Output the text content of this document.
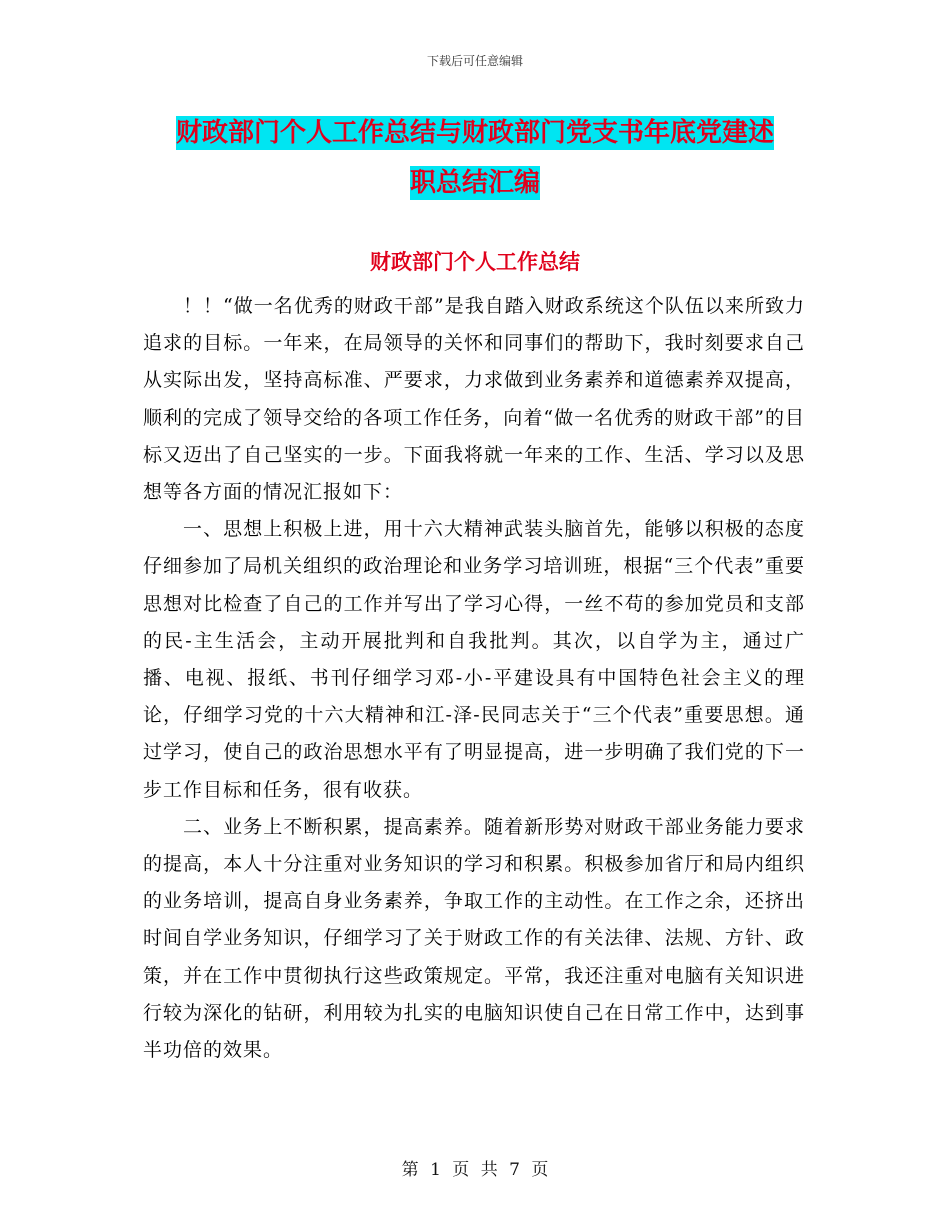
下载后可任意编辑
财政部门个人工作总结与财政部门党支书年底党建述
职总结汇编
财政部门个人工作总结

！！“做一名优秀的财政干部”是我自踏入财政系统这个队伍以来所致力追求的目标。一年来，在局领导的关怀和同事们的帮助下，我时刻要求自己从实际出发，坚持高标准、严要求，力求做到业务素养和道德素养双提高，顺利的完成了领导交给的各项工作任务，向着“做一名优秀的财政干部”的目标又迈出了自己坚实的一步。下面我将就一年来的工作、生活、学习以及思想等各方面的情况汇报如下：

一、思想上积极上进，用十六大精神武装头脑首先，能够以积极的态度仔细参加了局机关组织的政治理论和业务学习培训班，根据“三个代表”重要思想对比检查了自己的工作并写出了学习心得，一丝不苟的参加党员和支部的民-主生活会，主动开展批判和自我批判。其次，以自学为主，通过广播、电视、报纸、书刊仔细学习邓-小-平建设具有中国特色社会主义的理论，仔细学习党的十六大精神和江-泽-民同志关于“三个代表”重要思想。通过学习，使自己的政治思想水平有了明显提高，进一步明确了我们党的下一步工作目标和任务，很有收获。

二、业务上不断积累，提高素养。随着新形势对财政干部业务能力要求的提高，本人十分注重对业务知识的学习和积累。积极参加省厅和局内组织的业务培训，提高自身业务素养，争取工作的主动性。在工作之余，还挤出时间自学业务知识，仔细学习了关于财政工作的有关法律、法规、方针、政策，并在工作中贯彻执行这些政策规定。平常，我还注重对电脑有关知识进行较为深化的钻研，利用较为扎实的电脑知识使自己在日常工作中，达到事半功倍的效果。

第 1 页 共 7 页
